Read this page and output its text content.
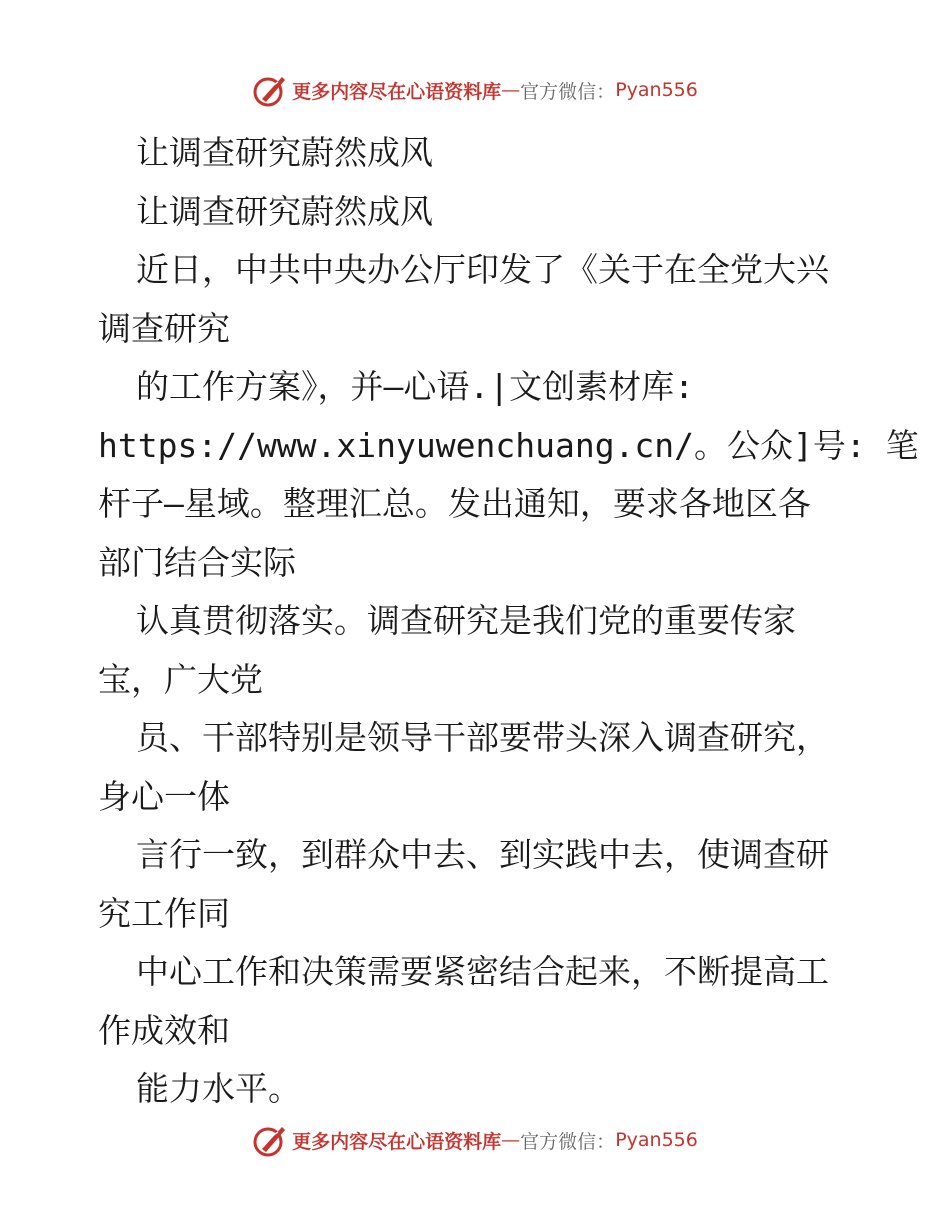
更多内容尽在心语资料库 — 官方微信： Pyan556
让调查研究蔚然成风
让调查研究蔚然成风
近日，中共中央办公厅印发了《关于在全党大兴
调查研究
的工作方案》，并—心语.|文创素材库:
https://www.xinyuwenchuang.cn/。公众]号: 笔
杆子—星域。整理汇总。发出通知，要求各地区各
部门结合实际
认真贯彻落实。调查研究是我们党的重要传家
宝，广大党
员、干部特别是领导干部要带头深入调查研究，
身心一体
言行一致，到群众中去、到实践中去，使调查研
究工作同
中心工作和决策需要紧密结合起来，不断提高工
作成效和
能力水平。
更多内容尽在心语资料库 — 官方微信： Pyan556
